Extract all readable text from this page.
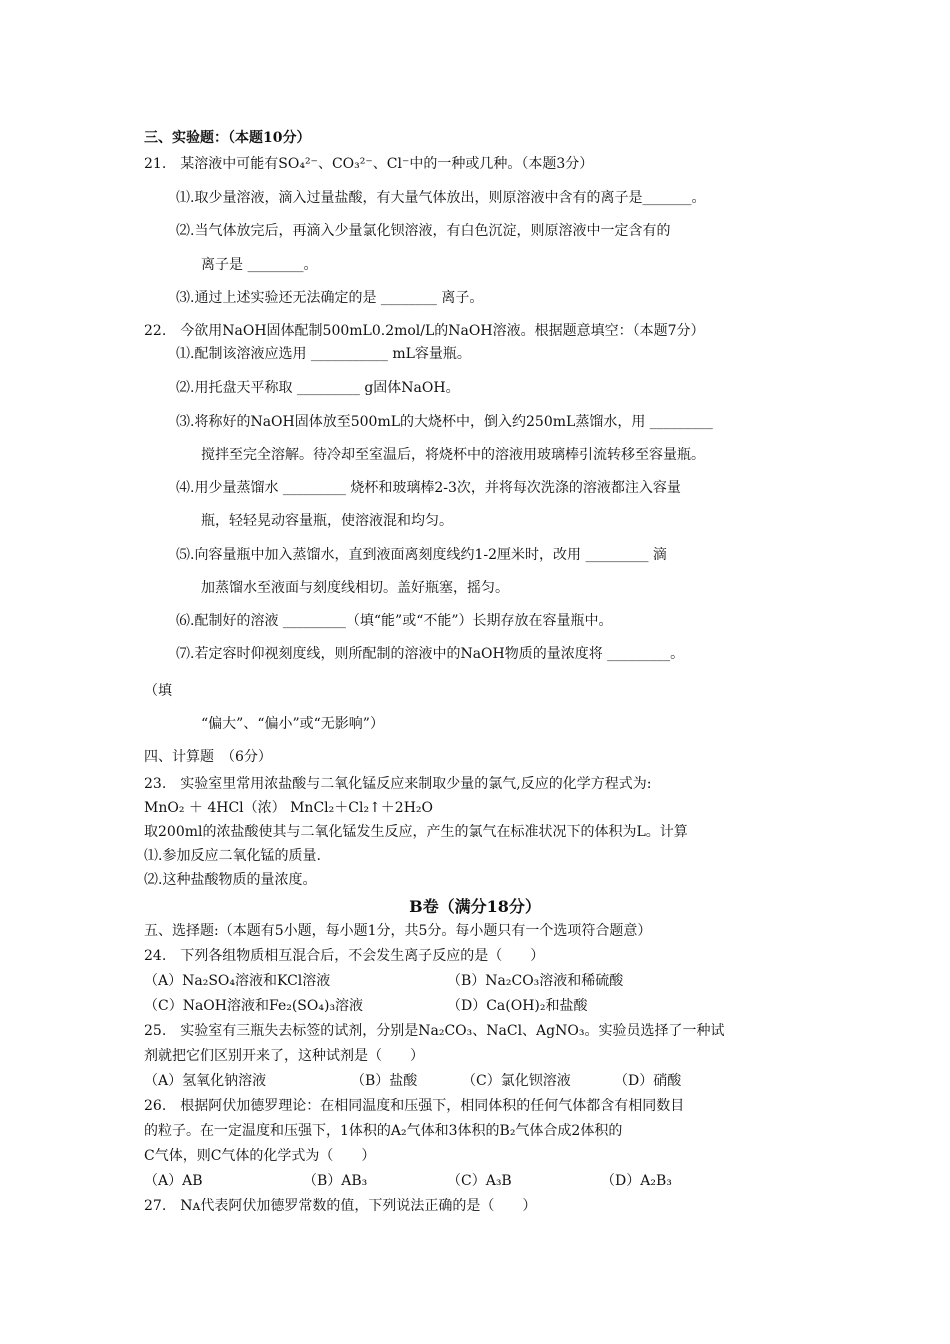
三、实验题：（本题10分）
21.　某溶液中可能有SO₄²⁻、CO₃²⁻、Cl⁻中的一种或几种。（本题3分）
⑴.取少量溶液，滴入过量盐酸，有大量气体放出，则原溶液中含有的离子是_______。
⑵.当气体放完后，再滴入少量氯化钡溶液，有白色沉淀，则原溶液中一定含有的
离子是 ________。
⑶.通过上述实验还无法确定的是 ________ 离子。
22.　今欲用NaOH固体配制500mL0.2mol/L的NaOH溶液。根据题意填空：（本题7分）
⑴.配制该溶液应选用 ___________ mL容量瓶。
⑵.用托盘天平称取 _________ g固体NaOH。
⑶.将称好的NaOH固体放至500mL的大烧杯中，倒入约250mL蒸馏水，用 _________
搅拌至完全溶解。待冷却至室温后，将烧杯中的溶液用玻璃棒引流转移至容量瓶。
⑷.用少量蒸馏水 _________ 烧杯和玻璃棒2-3次，并将每次洗涤的溶液都注入容量
瓶，轻轻晃动容量瓶，使溶液混和均匀。
⑸.向容量瓶中加入蒸馏水，直到液面离刻度线约1-2厘米时，改用 _________ 滴
加蒸馏水至液面与刻度线相切。盖好瓶塞，摇匀。
⑹.配制好的溶液 _________（填“能”或“不能”）长期存放在容量瓶中。
⑺.若定容时仰视刻度线，则所配制的溶液中的NaOH物质的量浓度将 _________。
（填
“偏大”、“偏小”或“无影响”）
四、计算题　（6分）
23.　实验室里常用浓盐酸与二氧化锰反应来制取少量的氯气,反应的化学方程式为:
MnO₂ ＋ 4HCl（浓） MnCl₂＋Cl₂↑＋2H₂O
取200ml的浓盐酸使其与二氧化锰发生反应，产生的氯气在标准状况下的体积为L。计算
⑴.参加反应二氧化锰的质量.
⑵.这种盐酸物质的量浓度。
B卷（满分18分）
五、选择题:（本题有5小题，每小题1分，共5分。每小题只有一个选项符合题意）
24.　下列各组物质相互混合后，不会发生离子反应的是（　　）
（A）Na₂SO₄溶液和KCl溶液	（B）Na₂CO₃溶液和稀硫酸
（C）NaOH溶液和Fe₂(SO₄)₃溶液	（D）Ca(OH)₂和盐酸
25.　实验室有三瓶失去标签的试剂，分别是Na₂CO₃、NaCl、AgNO₃。实验员选择了一种试
剂就把它们区别开来了，这种试剂是（　　）
（A）氢氧化钠溶液	（B）盐酸	（C）氯化钡溶液	（D）硝酸
26.　根据阿伏加德罗理论：在相同温度和压强下，相同体积的任何气体都含有相同数目
的粒子。在一定温度和压强下，1体积的A₂气体和3体积的B₂气体合成2体积的
C气体，则C气体的化学式为（　　）
（A）AB	（B）AB₃	（C）A₃B	（D）A₂B₃
27.　Nᴀ代表阿伏加德罗常数的值，下列说法正确的是（　　）
